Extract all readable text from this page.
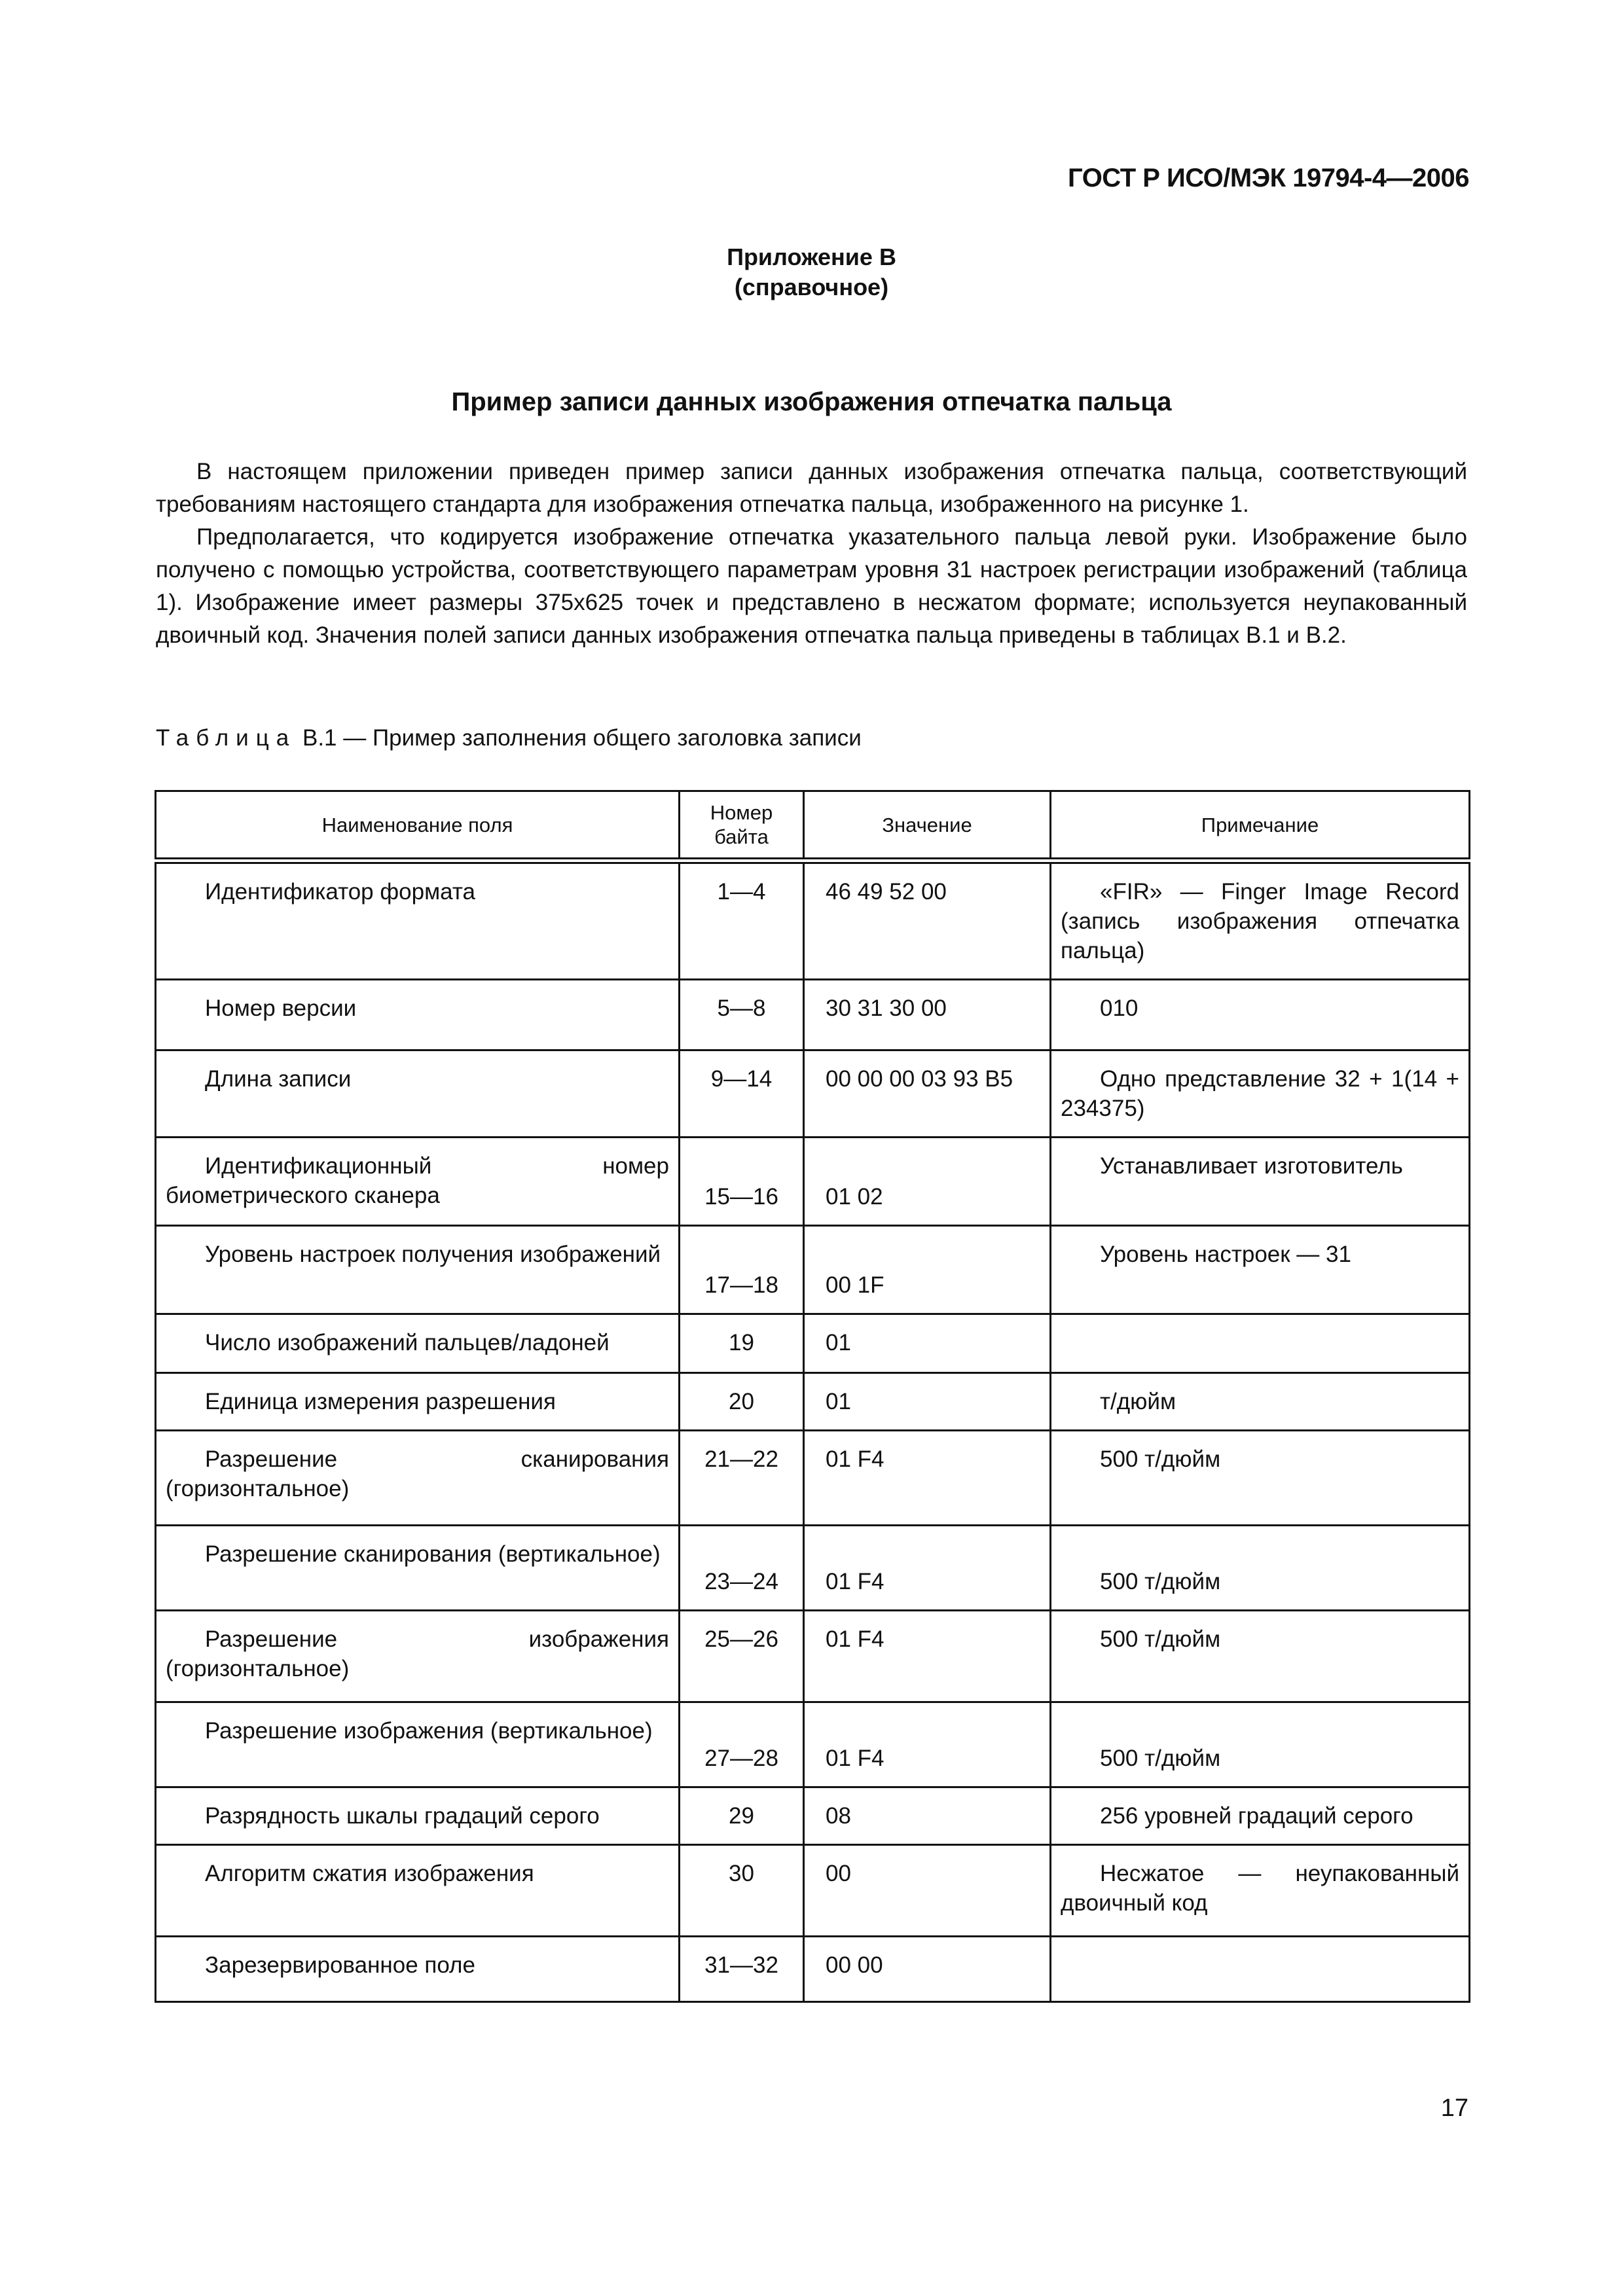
ГОСТ Р ИСО/МЭК 19794-4—2006
Приложение В
(справочное)
Пример записи данных изображения отпечатка пальца

В настоящем приложении приведен пример записи данных изображения отпечатка пальца, соответствующий требованиям настоящего стандарта для изображения отпечатка пальца, изображенного на рисунке 1.

Предполагается, что кодируется изображение отпечатка указательного пальца левой руки. Изображение было получено с помощью устройства, соответствующего параметрам уровня 31 настроек регистрации изображений (таблица 1). Изображение имеет размеры 375x625 точек и представлено в несжатом формате; используется неупакованный двоичный код. Значения полей записи данных изображения отпечатка пальца приведены в таблицах В.1 и В.2.

Таблица В.1 — Пример заполнения общего заголовка записи
Наименование поля	Номер байта	Значение	Примечание

Идентификатор формата	1—4	46 49 52 00	«FIR» — Finger Image Record (запись изображения отпечатка пальца)

Номер версии	5—8	30 31 30 00	010

Длина записи	9—14	00 00 00 03 93 B5	Одно представление 32 + 1(14 + 234375)

Идентификационный номер биометрического сканера	15—16	01 02	Устанавливает изготовитель

Уровень настроек получения изображений	17—18	00 1F	Уровень настроек — 31

Число изображений пальцев/ладоней	19	01	

Единица измерения разрешения	20	01	т/дюйм

Разрешение сканирования (горизонтальное)	21—22	01 F4	500 т/дюйм

Разрешение сканирования (вертикальное)	23—24	01 F4	500 т/дюйм

Разрешение изображения (горизонтальное)	25—26	01 F4	500 т/дюйм

Разрешение изображения (вертикальное)	27—28	01 F4	500 т/дюйм

Разрядность шкалы градаций серого	29	08	256 уровней градаций серого

Алгоритм сжатия изображения	30	00	Несжатое — неупакованный двоичный код

Зарезервированное поле	31—32	00 00	
17
